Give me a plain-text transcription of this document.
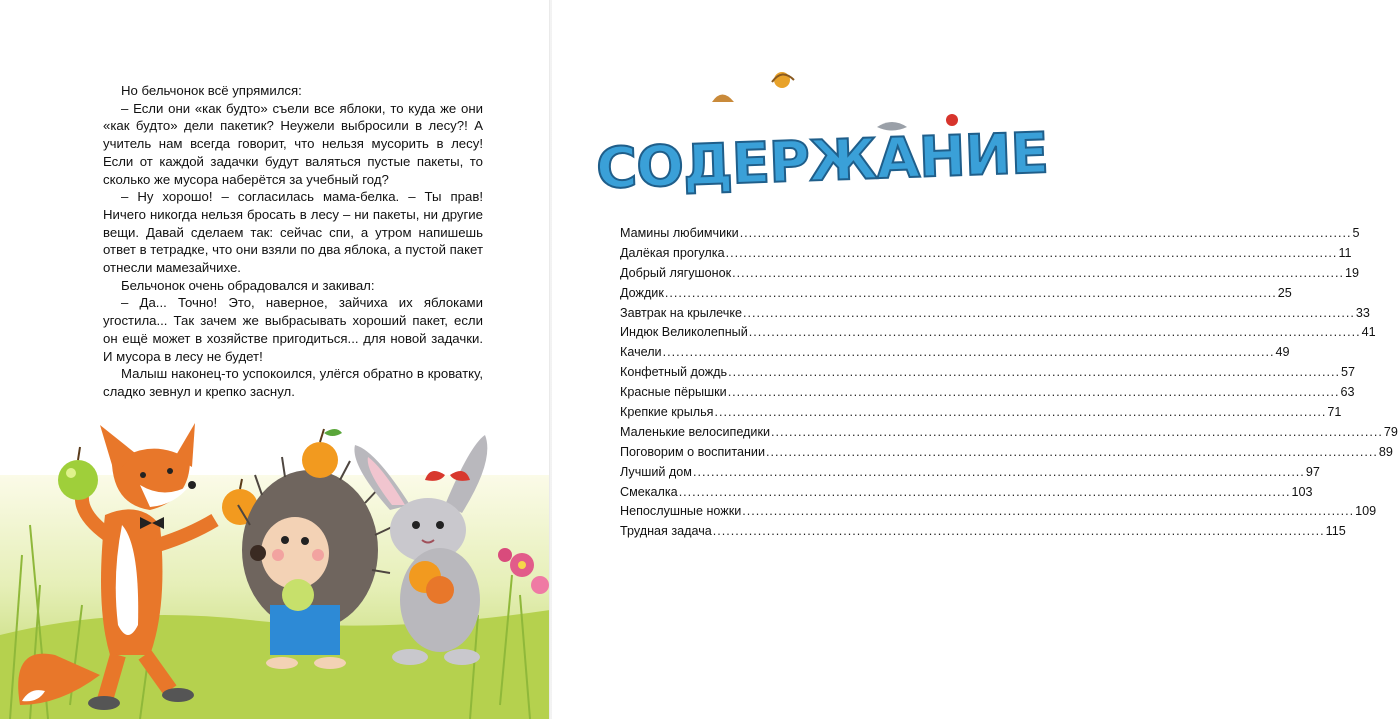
Но бельчонок всё упрямился:

– Если они «как будто» съели все яблоки, то куда же они «как будто» дели пакетик? Неужели выбросили в лесу?! А учитель нам всегда говорит, что нельзя мусорить в лесу! Если от каждой задачки будут валяться пустые пакеты, то сколько же мусора наберётся за учебный год?

– Ну хорошо! – согласилась мама-белка. – Ты прав! Ничего никогда нельзя бросать в лесу – ни пакеты, ни другие вещи. Давай сделаем так: сейчас спи, а утром напишешь ответ в тетрадке, что они взяли по два яблока, а пустой пакет отнесли мамезайчихе.

Бельчонок очень обрадовался и закивал:

– Да... Точно! Это, наверное, зайчиха их яблоками угостила... Так зачем же выбрасывать хороший пакет, если он ещё может в хозяйстве пригодиться... для новой задачки. И мусора в лесу не будет!

Малыш наконец-то успокоился, улёгся обратно в кроватку, сладко зевнул и крепко заснул.

СОДЕРЖАНИЕ
Мамины любимчики .....	5
Далёкая прогулка .....	11
Добрый лягушонок .....	19
Дождик .....	25
Завтрак на крылечке .....	33
Индюк Великолепный .....	41
Качели .....	49
Конфетный дождь .....	57
Красные пёрышки .....	63
Крепкие крылья .....	71
Маленькие велосипедики .....	79
Поговорим о воспитании .....	89
Лучший дом .....	97
Смекалка .....	103
Непослушные ножки .....	109
Трудная задача .....	115
